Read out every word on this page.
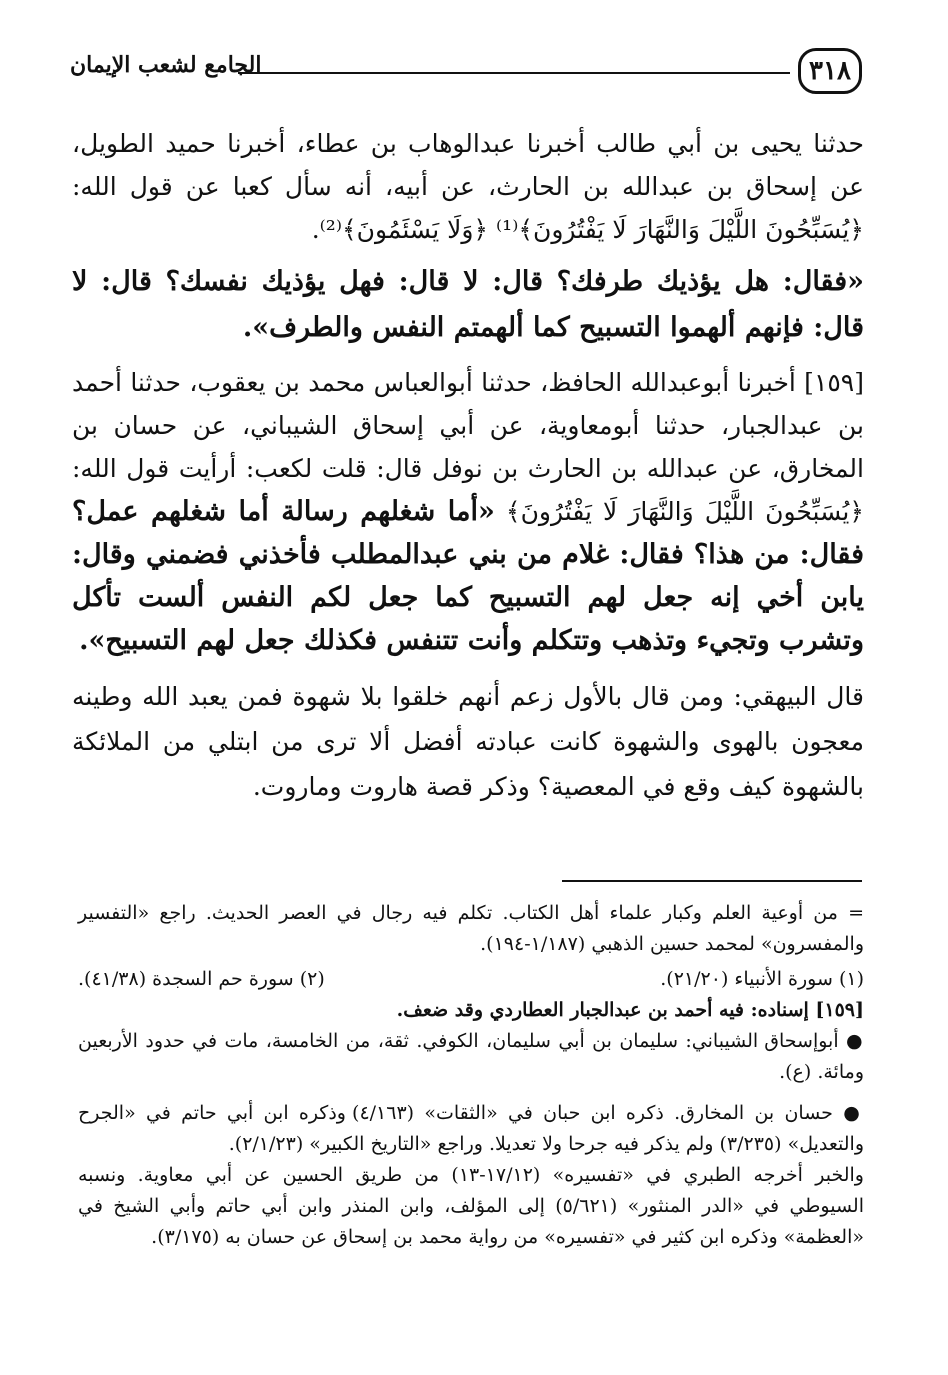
٣١٨
الجامع لشعب الإيمان

حدثنا يحيى بن أبي طالب أخبرنا عبدالوهاب بن عطاء، أخبرنا حميد الطويل، عن إسحاق بن عبدالله بن الحارث، عن أبيه، أنه سأل كعبا عن قول الله: ﴿يُسَبِّحُونَ اللَّيْلَ وَالنَّهَارَ لَا يَفْتُرُونَ﴾⁽¹⁾ ﴿وَلَا يَسْئَمُونَ﴾⁽²⁾.

«فقال: هل يؤذيك طرفك؟ قال: لا قال: فهل يؤذيك نفسك؟ قال: لا قال: فإنهم ألهموا التسبيح كما ألهمتم النفس والطرف».

[١٥٩] أخبرنا أبوعبدالله الحافظ، حدثنا أبوالعباس محمد بن يعقوب، حدثنا أحمد بن عبدالجبار، حدثنا أبومعاوية، عن أبي إسحاق الشيباني، عن حسان بن المخارق، عن عبدالله بن الحارث بن نوفل قال: قلت لكعب: أرأيت قول الله: ﴿يُسَبِّحُونَ اللَّيْلَ وَالنَّهَارَ لَا يَفْتُرُونَ﴾ «أما شغلهم رسالة أما شغلهم عمل؟ فقال: من هذا؟ فقال: غلام من بني عبدالمطلب فأخذني فضمني وقال: يابن أخي إنه جعل لهم التسبيح كما جعل لكم النفس ألست تأكل وتشرب وتجيء وتذهب وتتكلم وأنت تتنفس فكذلك جعل لهم التسبيح».

قال البيهقي: ومن قال بالأول زعم أنهم خلقوا بلا شهوة فمن يعبد الله وطينه معجون بالهوى والشهوة كانت عبادته أفضل ألا ترى من ابتلي من الملائكة بالشهوة كيف وقع في المعصية؟ وذكر قصة هاروت وماروت.

= من أوعية العلم وكبار علماء أهل الكتاب. تكلم فيه رجال في العصر الحديث. راجع «التفسير والمفسرون» لمحمد حسين الذهبي (١/١٨٧-١٩٤).

(١) سورة الأنبياء (٢١/٢٠).
(٢) سورة حم السجدة (٤١/٣٨).

[١٥٩] إسناده: فيه أحمد بن عبدالجبار العطاردي وقد ضعف.

● أبوإسحاق الشيباني: سليمان بن أبي سليمان، الكوفي. ثقة، من الخامسة، مات في حدود الأربعين ومائة. (ع).

● حسان بن المخارق. ذكره ابن حبان في «الثقات» (٤/١٦٣) وذكره ابن أبي حاتم في «الجرح والتعديل» (٣/٢٣٥) ولم يذكر فيه جرحا ولا تعديلا. وراجع «التاريخ الكبير» (٢/١/٢٣).

والخبر أخرجه الطبري في «تفسيره» (١٧/١٢-١٣) من طريق الحسين عن أبي معاوية. ونسبه السيوطي في «الدر المنثور» (٥/٦٢١) إلى المؤلف، وابن المنذر وابن أبي حاتم وأبي الشيخ في «العظمة» وذكره ابن كثير في «تفسيره» من رواية محمد بن إسحاق عن حسان به (٣/١٧٥).
